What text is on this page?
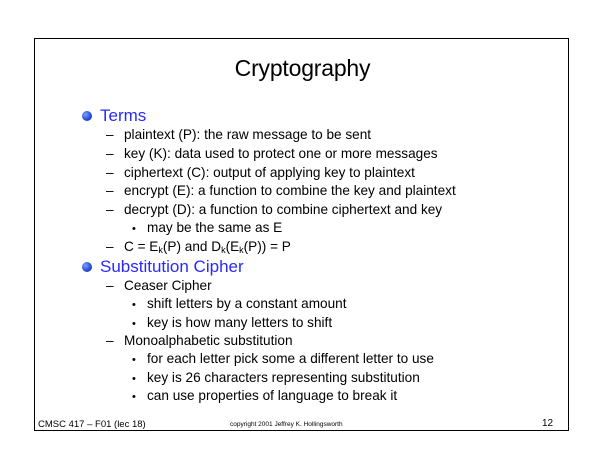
Cryptography
Terms
– plaintext (P): the raw message to be sent
– key (K): data used to protect one or more messages
– ciphertext (C): output of applying key to plaintext
– encrypt (E): a function to combine the key and plaintext
– decrypt (D): a function to combine ciphertext and key
• may be the same as E
– $C = E_k(P)$ and $D_k(E_k(P)) = P$
Substitution Cipher
– Ceaser Cipher
• shift letters by a constant amount
• key is how many letters to shift
– Monoalphabetic substitution
• for each letter pick some a different letter to use
• key is 26 characters representing substitution
• can use properties of language to break it
CMSC 417 – F01 (lec 18)	copyright 2001 Jeffrey K. Hollingsworth	12
